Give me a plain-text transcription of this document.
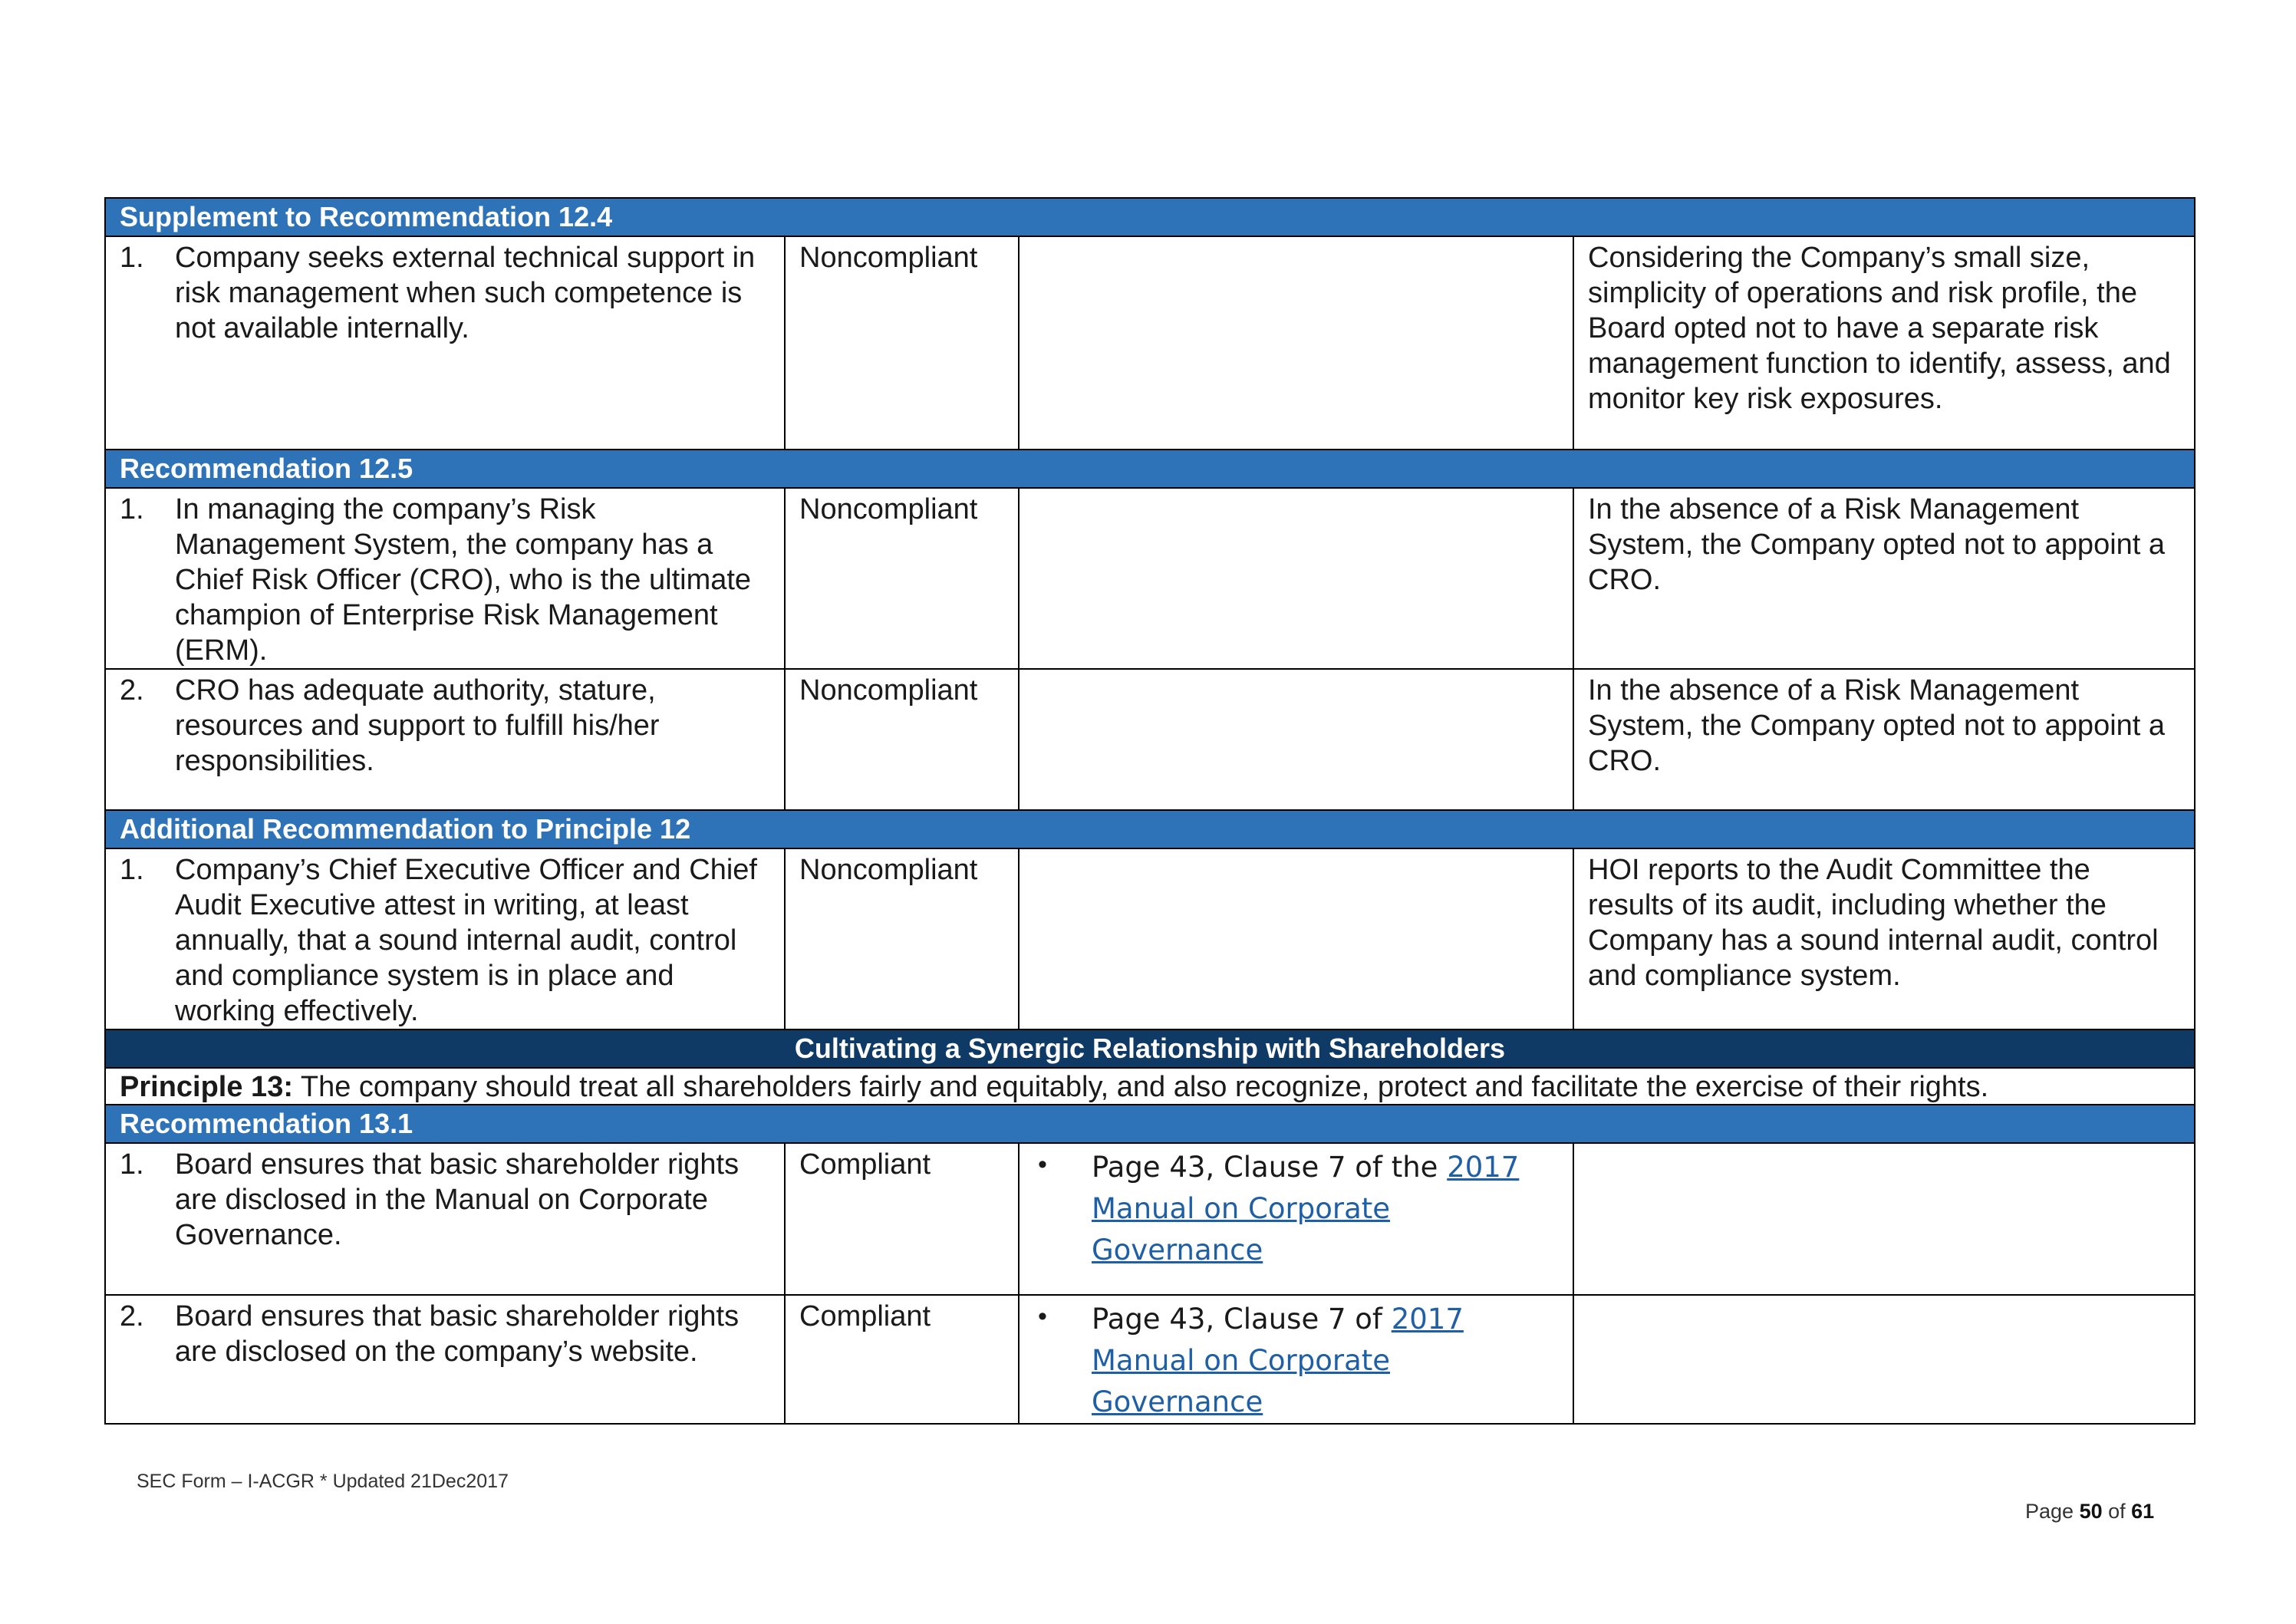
Supplement to Recommendation 12.4			

1. Company seeks external technical support in risk management when such competence is not available internally.	Noncompliant		Considering the Company’s small size, simplicity of operations and risk profile, the Board opted not to have a separate risk management function to identify, assess, and monitor key risk exposures.
Recommendation 12.5			

1. In managing the company’s Risk Management System, the company has a Chief Risk Officer (CRO), who is the ultimate champion of Enterprise Risk Management (ERM).	Noncompliant		In the absence of a Risk Management System, the Company opted not to appoint a CRO.

2. CRO has adequate authority, stature, resources and support to fulfill his/her responsibilities.	Noncompliant		In the absence of a Risk Management System, the Company opted not to appoint a CRO.
Additional Recommendation to Principle 12			

1. Company’s Chief Executive Officer and Chief Audit Executive attest in writing, at least annually, that a sound internal audit, control and compliance system is in place and working effectively.	Noncompliant		HOI reports to the Audit Committee the results of its audit, including whether the Company has a sound internal audit, control and compliance system.
Cultivating a Synergic Relationship with Shareholders			
Principle 13: The company should treat all shareholders fairly and equitably, and also recognize, protect and facilitate the exercise of their rights.			
Recommendation 13.1			

1. Board ensures that basic shareholder rights are disclosed in the Manual on Corporate Governance.	Compliant	• Page 43, Clause 7 of the 2017 Manual on Corporate Governance	

2. Board ensures that basic shareholder rights are disclosed on the company’s website.	Compliant	• Page 43, Clause 7 of 2017 Manual on Corporate Governance	

SEC Form – I-ACGR * Updated 21Dec2017
Page 50 of 61
